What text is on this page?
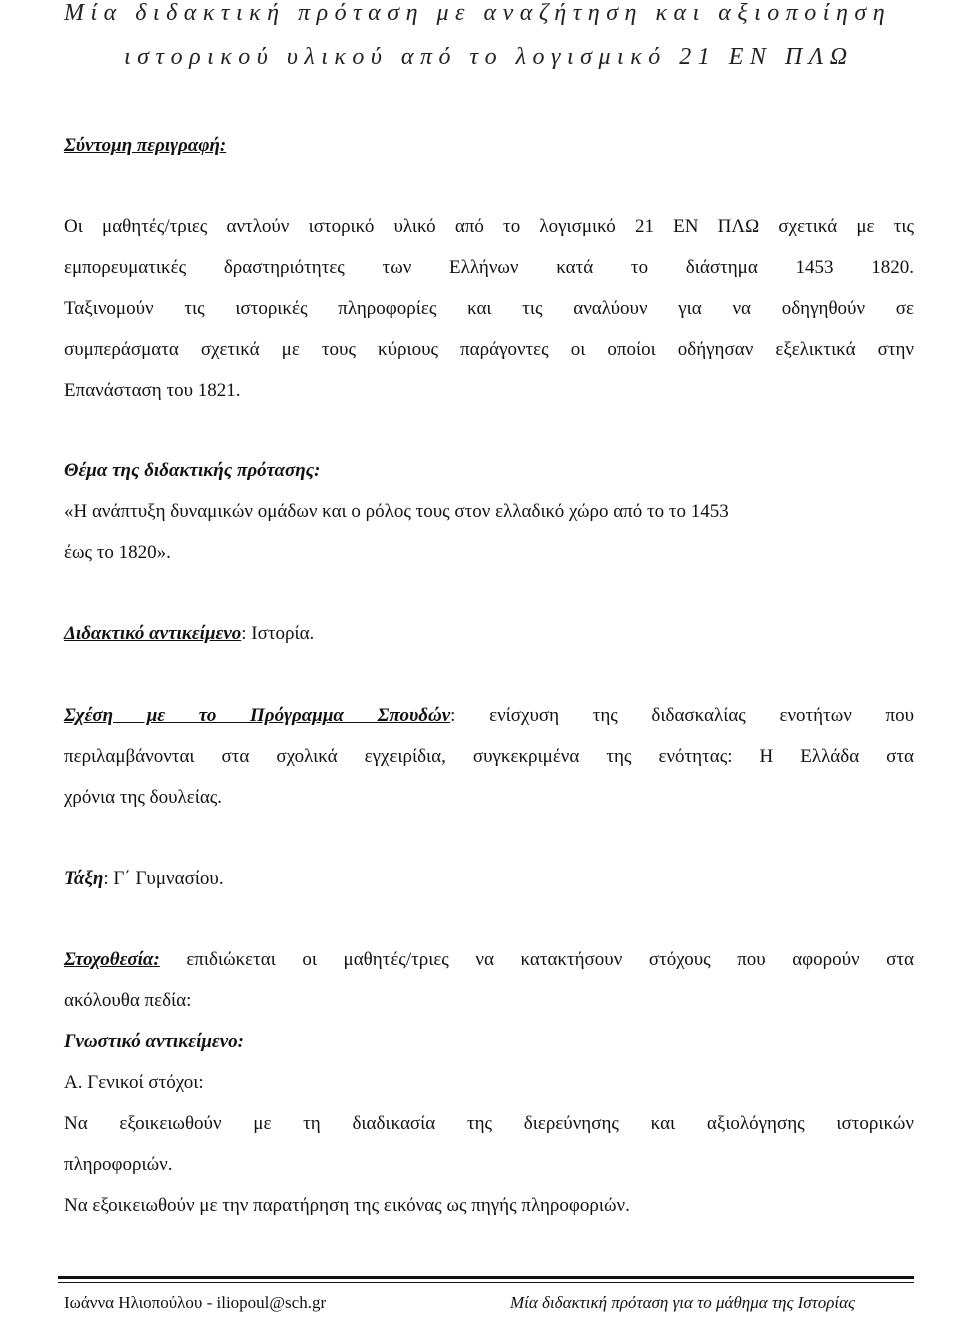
Μία διδακτική πρόταση με αναζήτηση και αξιοποίηση

ιστορικού υλικού από το λογισμικό 21 ΕΝ ΠΛΩ

Σύντομη περιγραφή:
Οι μαθητές/τριες αντλούν ιστορικό υλικό από το λογισμικό 21 ΕΝ ΠΛΩ σχετικά με τις
εμπορευματικές δραστηριότητες των Ελλήνων κατά το διάστημα 1453 1820.
Ταξινομούν τις ιστορικές πληροφορίες και τις αναλύουν για να οδηγηθούν σε
συμπεράσματα σχετικά με τους κύριους παράγοντες οι οποίοι οδήγησαν εξελικτικά στην
Επανάσταση του 1821.
Θέμα της διδακτικής πρότασης:
«Η ανάπτυξη δυναμικών ομάδων και ο ρόλος τους στον ελλαδικό χώρο από το το 1453
έως το 1820».
Διδακτικό αντικείμενο: Ιστορία.
Σχέση με το Πρόγραμμα Σπουδών: ενίσχυση της διδασκαλίας ενοτήτων που
περιλαμβάνονται στα σχολικά εγχειρίδια, συγκεκριμένα της ενότητας: Η Ελλάδα στα
χρόνια της δουλείας.
Τάξη: Γ΄ Γυμνασίου.
Στοχοθεσία: επιδιώκεται οι μαθητές/τριες να κατακτήσουν στόχους που αφορούν στα
ακόλουθα πεδία:
Γνωστικό αντικείμενο:
Α. Γενικοί στόχοι:
Να εξοικειωθούν με τη διαδικασία της διερεύνησης και αξιολόγησης ιστορικών
πληροφοριών.
Να εξοικειωθούν με την παρατήρηση της εικόνας ως πηγής πληροφοριών.
Ιωάννα Ηλιοπούλου - iliopoul@sch.gr	Μία διδακτική πρόταση για το μάθημα της Ιστορίας
